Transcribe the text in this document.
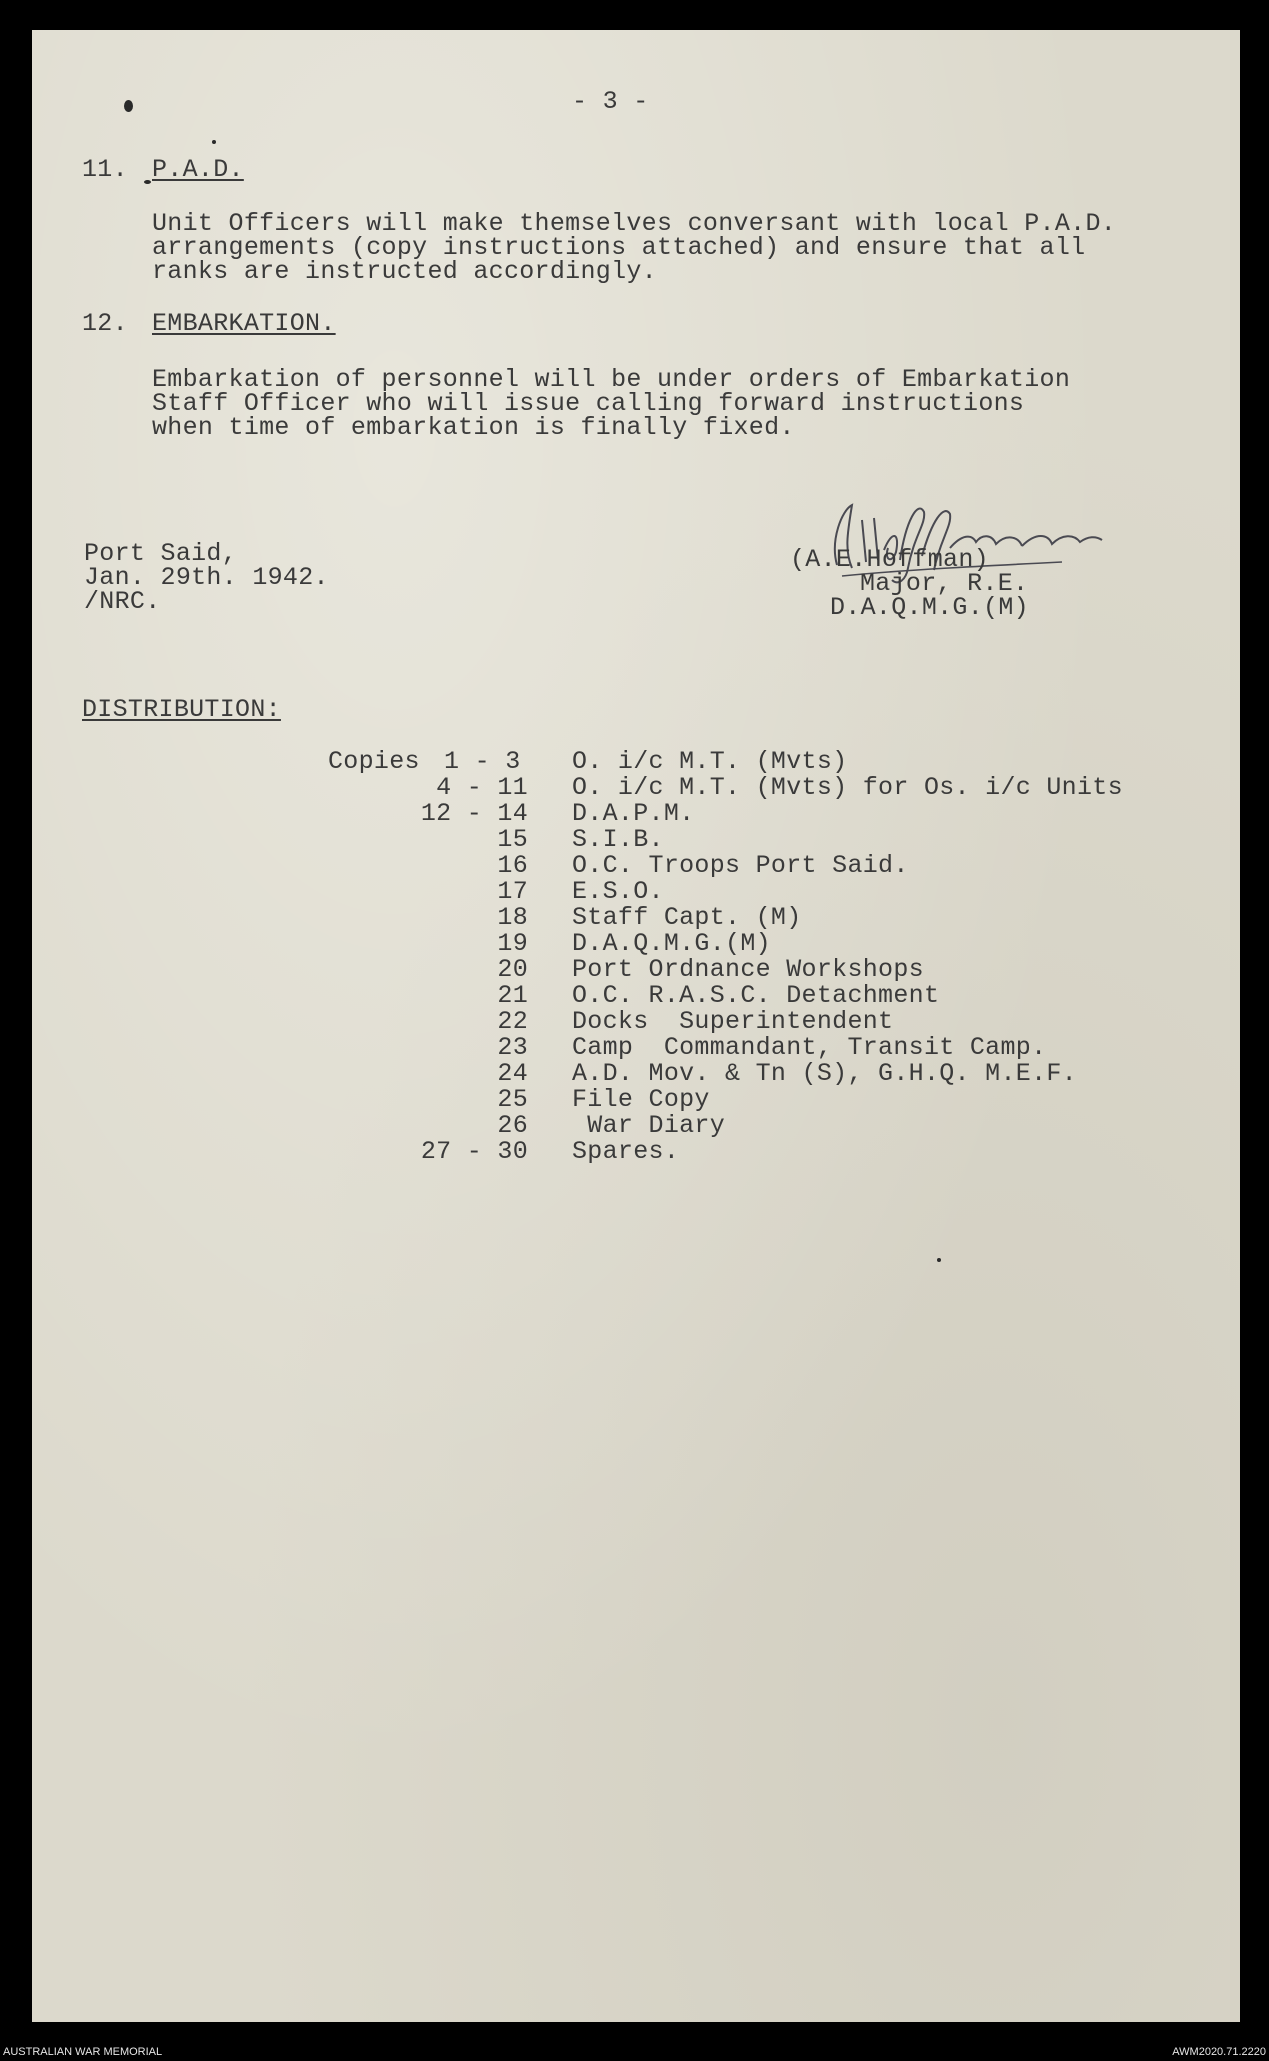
- 3 -
11. P.A.D.
Unit Officers will make themselves conversant with local P.A.D.
arrangements (copy instructions attached) and ensure that all
ranks are instructed accordingly.
12. EMBARKATION.
Embarkation of personnel will be under orders of Embarkation
Staff Officer who will issue calling forward instructions
when time of embarkation is finally fixed.
Port Said,
Jan. 29th. 1942.
/NRC.
(A.E.Hoffman)
Major, R.E.
D.A.Q.M.G.(M)
DISTRIBUTION:
Copies 1 - 3	O. i/c M.T. (Mvts)
4 - 11 O. i/c M.T. (Mvts) for Os. i/c Units
12 - 14 D.A.P.M.
15 S.I.B.
16 O.C. Troops Port Said.
17 E.S.O.
18 Staff Capt. (M)
19 D.A.Q.M.G.(M)
20 Port Ordnance Workshops
21 O.C. R.A.S.C. Detachment
22 Docks  Superintendent
23 Camp  Commandant, Transit Camp.
24 A.D. Mov. & Tn (S), G.H.Q. M.E.F.
25 File Copy
26 War Diary
27 - 30 Spares.
AUSTRALIAN WAR MEMORIAL	AWM2020.71.2220
